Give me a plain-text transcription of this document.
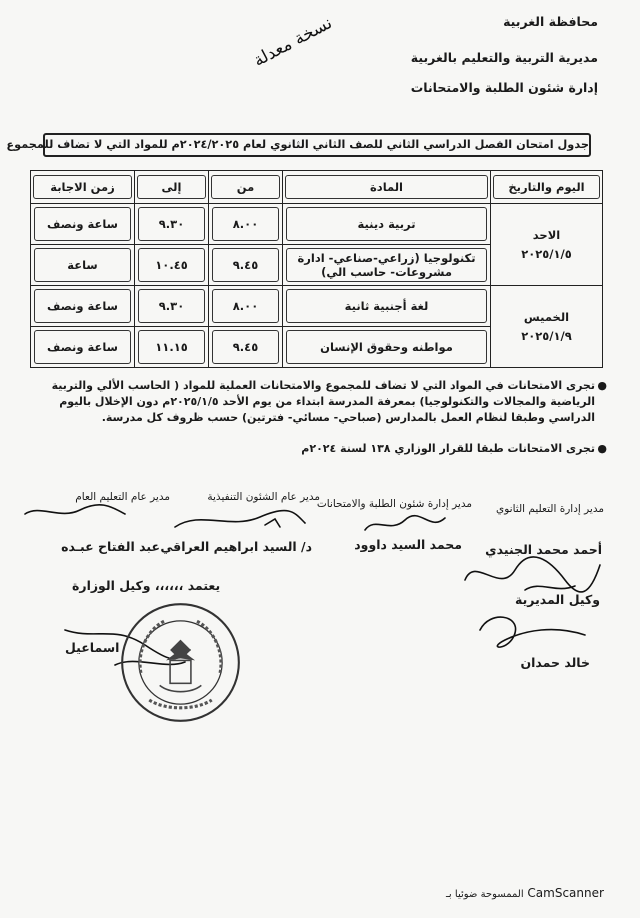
محافظة الغربية
مديرية التربية والتعليم بالغربية
إدارة شئون الطلبة والامتحانات
نسخة معدلة
جدول امتحان الفصل الدراسي الثاني للصف الثاني الثانوي لعام ٢٠٢٤/٢٠٢٥م للمواد التي لا تضاف للمجموع
اليوم والتاريخ	المادة	من	إلى	زمن الاجابة

الاحد
٢٠٢٥/١/٥	تربية دينية	٨.٠٠	٩.٣٠	ساعة ونصف

تكنولوجيا (زراعي-صناعي- ادارة مشروعات- حاسب الي)	٩.٤٥	١٠.٤٥	ساعة

الخميس
٢٠٢٥/١/٩	لغة أجنبية ثانية	٨.٠٠	٩.٣٠	ساعة ونصف

مواطنه وحقوق الإنسان	٩.٤٥	١١.١٥	ساعة ونصف
●
تجرى الامتحانات في المواد التي لا تضاف للمجموع والامتحانات العملية للمواد ( الحاسب الألي والتربية الرياضية والمجالات والتكنولوجيا) بمعرفة المدرسة ابتداء من يوم الأحد ٢٠٢٥/١/٥م دون الإخلال باليوم الدراسي وطبقا لنظام العمل بالمدارس (صباحي- مسائي- فترتين) حسب ظروف كل مدرسة.
●
تجرى الامتحانات طبقا للقرار الوزاري ١٣٨ لسنة ٢٠٢٤م
مدير إدارة التعليم الثانوي
مدير إدارة شئون الطلبة والامتحانات
مدير عام الشئون التنفيذية
مدير عام التعليم العام
محمد السيد داوود
د/ السيد ابراهيم العراقي
عبد الفتاح عبـده	أحمد محمد الجنيدي
وكيل المديرية
خالد حمدان
يعتمد ،،،،،، وكيل الوزارة
اسماعيل
CamScanner الممسوحة ضوئيا بـ
